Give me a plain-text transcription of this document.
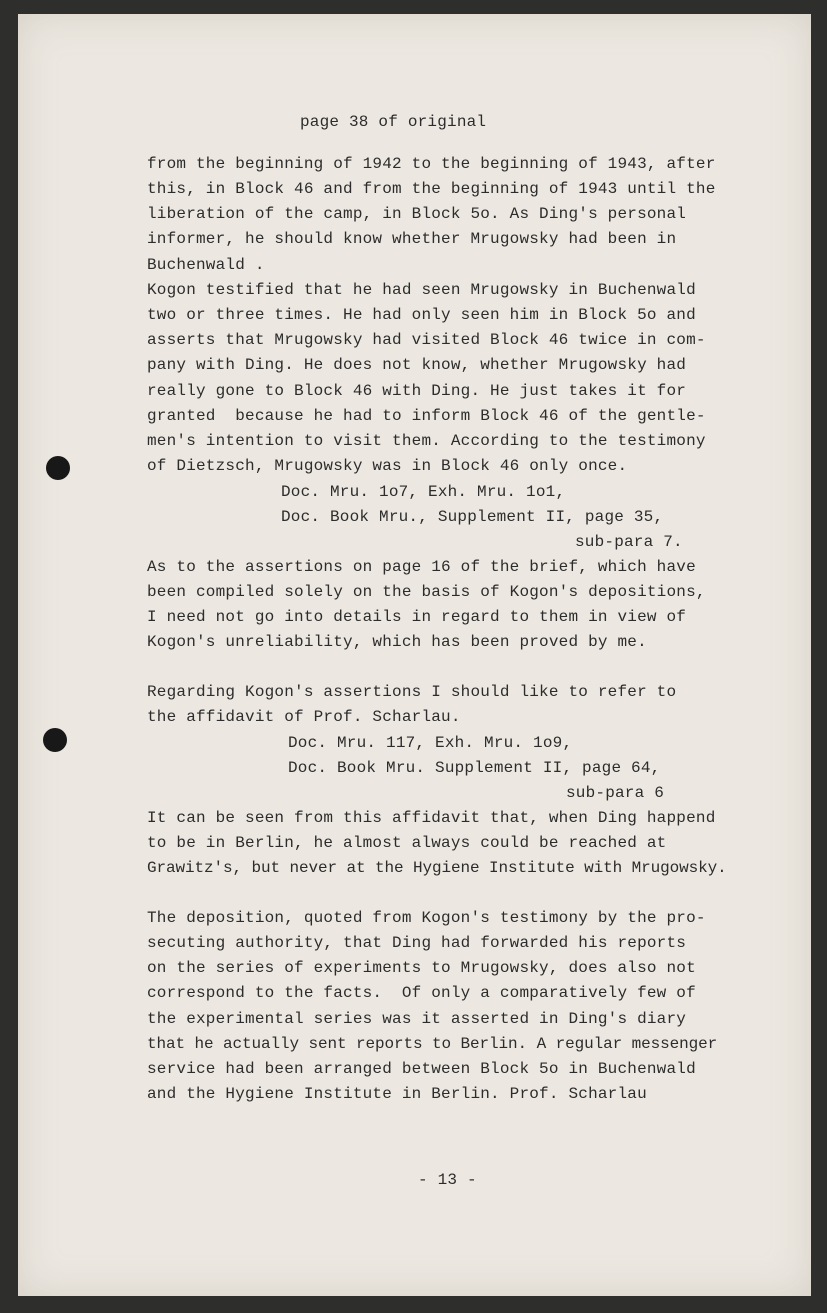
page 38 of original
from the beginning of 1942 to the beginning of 1943, after
this, in Block 46 and from the beginning of 1943 until the
liberation of the camp, in Block 5o. As Ding's personal
informer, he should know whether Mrugowsky had been in
Buchenwald .
Kogon testified that he had seen Mrugowsky in Buchenwald
two or three times. He had only seen him in Block 5o and
asserts that Mrugowsky had visited Block 46 twice in com-
pany with Ding. He does not know, whether Mrugowsky had
really gone to Block 46 with Ding. He just takes it for
granted  because he had to inform Block 46 of the gentle-
men's intention to visit them. According to the testimony
of Dietzsch, Mrugowsky was in Block 46 only once.
Doc. Mru. 1o7, Exh. Mru. 1o1,
Doc. Book Mru., Supplement II, page 35,
sub-para 7.
As to the assertions on page 16 of the brief, which have
been compiled solely on the basis of Kogon's depositions,
I need not go into details in regard to them in view of
Kogon's unreliability, which has been proved by me.
Regarding Kogon's assertions I should like to refer to
the affidavit of Prof. Scharlau.
Doc. Mru. 117, Exh. Mru. 1o9,
Doc. Book Mru. Supplement II, page 64,
sub-para 6
It can be seen from this affidavit that, when Ding happend
to be in Berlin, he almost always could be reached at
Grawitz's, but never at the Hygiene Institute with Mrugowsky.
The deposition, quoted from Kogon's testimony by the pro-
secuting authority, that Ding had forwarded his reports
on the series of experiments to Mrugowsky, does also not
correspond to the facts.  Of only a comparatively few of
the experimental series was it asserted in Ding's diary
that he actually sent reports to Berlin. A regular messenger
service had been arranged between Block 5o in Buchenwald
and the Hygiene Institute in Berlin. Prof. Scharlau
- 13 -
